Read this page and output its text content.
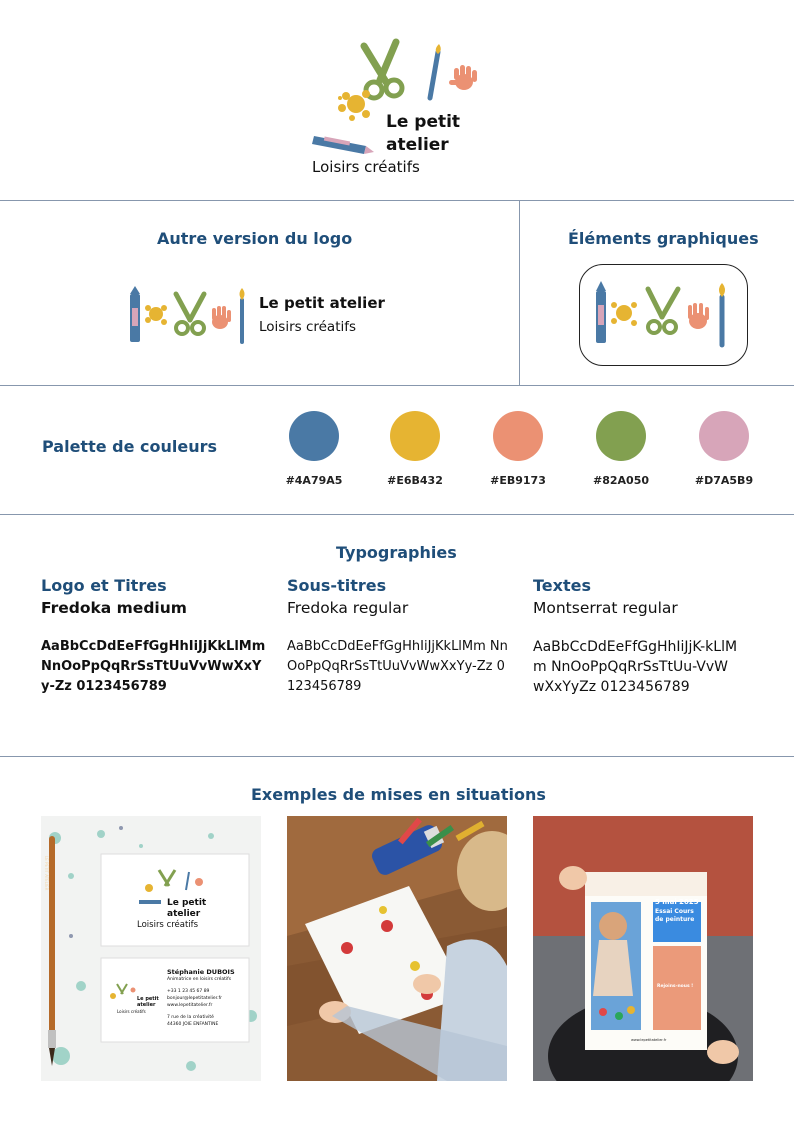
Le petit atelier
Loisirs créatifs
Autre version du logo
Le petit atelier
Loisirs créatifs
Éléments graphiques
Palette de couleurs
#4A79A5	#E6B432	#EB9173	#82A050	#D7A5B9
Typographies
Logo et Titres
Fredoka medium
AaBbCcDdEeFfGgHhIiJjKkLlMm NnOoPpQqRrSsTtUuVvWwXxYy-Zz 0123456789
Sous-titres
Fredoka regular
AaBbCcDdEeFfGgHhIiJjKkLlMm NnOoPpQqRrSsTtUuVvWwXxYy-Zz 0123456789
Textes
Montserrat regular
AaBbCcDdEeFfGgHhIiJjK-kLlMm NnOoPpQqRrSsTtUu-VvWwXxYyZz 0123456789
Exemples de mises en situations
LE PETIT ATELIER
Le petit atelier
Loisirs créatifs
Le petit atelier
Loisirs créatifs
Stéphanie DUBOIS
Animatrice en loisirs créatifs
+33 1 23 45 67 89
bonjour@lepetitatelier.fr
www.lepetitatelier.fr
7 rue de la créativité
44360 JOIE ENFANTINE
5 mai 2025
Essai Cours de peinture
Rejoins-nous !
www.lepetitatelier.fr
